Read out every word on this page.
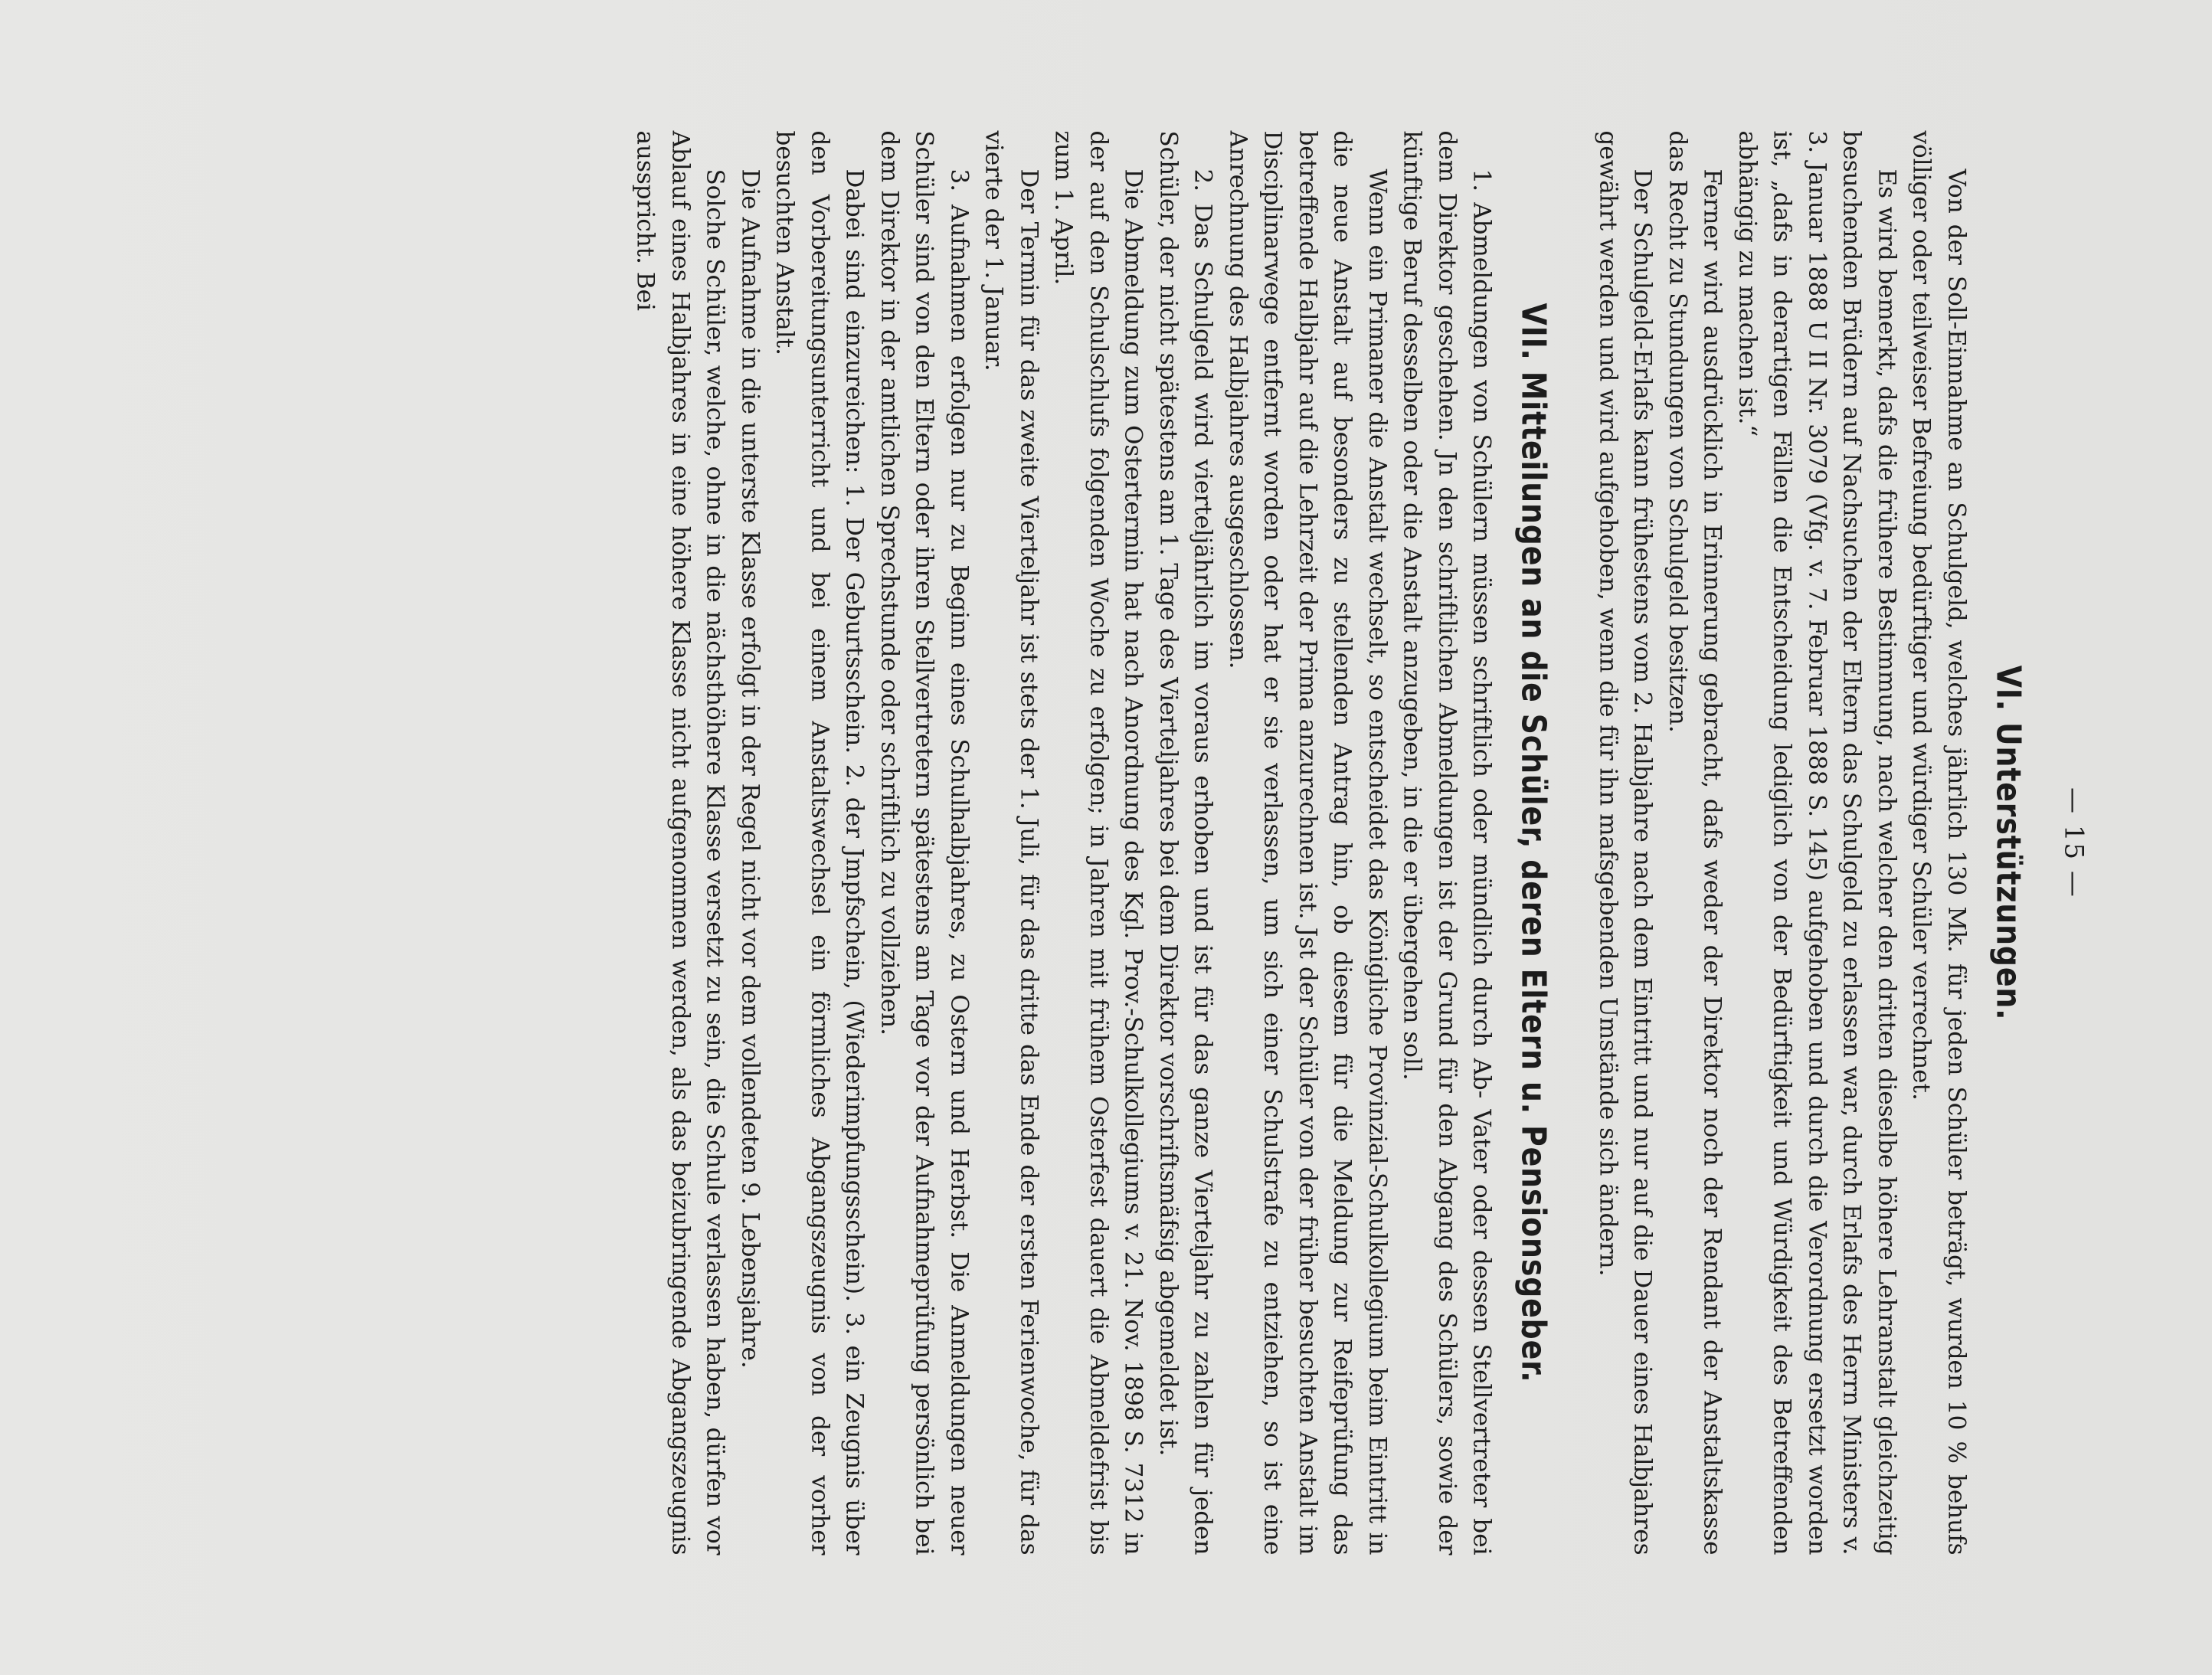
— 15 —
VI. Unterstützungen.

Von der Soll-Einnahme an Schulgeld, welches jährlich 130 Mk. für jeden Schüler beträgt, wurden 10 % behufs völliger oder teilweiser Befreiung bedürftiger und würdiger Schüler verrechnet.

Es wird bemerkt, dafs die frühere Bestimmung, nach welcher den dritten dieselbe höhere Lehranstalt gleichzeitig besuchenden Brüdern auf Nachsuchen der Eltern das Schulgeld zu erlassen war, durch Erlafs des Herrn Ministers v. 3. Januar 1888 U II Nr. 3079 (Vfg. v. 7. Februar 1888 S. 145) aufgehoben und durch die Verordnung ersetzt worden ist, „dafs in derartigen Fällen die Entscheidung lediglich von der Bedürftigkeit und Würdigkeit des Betreffenden abhängig zu machen ist.“

Ferner wird ausdrücklich in Erinnerung gebracht, dafs weder der Direktor noch der Rendant der Anstaltskasse das Recht zu Stundungen von Schulgeld besitzen.

Der Schulgeld-Erlafs kann frühestens vom 2. Halbjahre nach dem Eintritt und nur auf die Dauer eines Halbjahres gewährt werden und wird aufgehoben, wenn die für ihn mafsgebenden Umstände sich ändern.

VII. Mitteilungen an die Schüler, deren Eltern u. Pensionsgeber.

1. Abmeldungen von Schülern müssen schriftlich oder mündlich durch Ab- Vater oder dessen Stellvertreter bei dem Direktor geschehen. Jn den schriftlichen Abmeldungen ist der Grund für den Abgang des Schülers, sowie der künftige Beruf desselben oder die Anstalt anzugeben, in die er übergehen soll.

Wenn ein Primaner die Anstalt wechselt, so entscheidet das Königliche Provinzial-Schulkollegium beim Eintritt in die neue Anstalt auf besonders zu stellenden Antrag hin, ob diesem für die Meldung zur Reifeprüfung das betreffende Halbjahr auf die Lehrzeit der Prima anzurechnen ist. Jst der Schüler von der früher besuchten Anstalt im Disciplinarwege entfernt worden oder hat er sie verlassen, um sich einer Schulstrafe zu entziehen, so ist eine Anrechnung des Halbjahres ausgeschlossen.

2. Das Schulgeld wird vierteljährlich im voraus erhoben und ist für das ganze Vierteljahr zu zahlen für jeden Schüler, der nicht spätestens am 1. Tage des Vierteljahres bei dem Direktor vorschriftsmäfsig abgemeldet ist.

Die Abmeldung zum Ostertermin hat nach Anordnung des Kgl. Prov.-Schulkollegiums v. 21. Nov. 1898 S. 7312 in der auf den Schulschlufs folgenden Woche zu erfolgen; in Jahren mit frühem Osterfest dauert die Abmeldefrist bis zum 1. April.

Der Termin für das zweite Vierteljahr ist stets der 1. Juli, für das dritte das Ende der ersten Ferienwoche, für das vierte der 1. Januar.

3. Aufnahmen erfolgen nur zu Beginn eines Schulhalbjahres, zu Ostern und Herbst. Die Anmeldungen neuer Schüler sind von den Eltern oder ihren Stellvertretern spätestens am Tage vor der Aufnahmeprüfung persönlich bei dem Direktor in der amtlichen Sprechstunde oder schriftlich zu vollziehen.

Dabei sind einzureichen: 1. Der Geburtsschein. 2. der Jmpfschein, (Wiederimpfungsschein). 3. ein Zeugnis über den Vorbereitungsunterricht und bei einem Anstaltswechsel ein förmliches Abgangszeugnis von der vorher besuchten Anstalt.

Die Aufnahme in die unterste Klasse erfolgt in der Regel nicht vor dem vollendeten 9. Lebensjahre.

Solche Schüler, welche, ohne in die nächsthöhere Klasse versetzt zu sein, die Schule verlassen haben, dürfen vor Ablauf eines Halbjahres in eine höhere Klasse nicht aufgenommen werden, als das beizubringende Abgangszeugnis ausspricht. Bei
